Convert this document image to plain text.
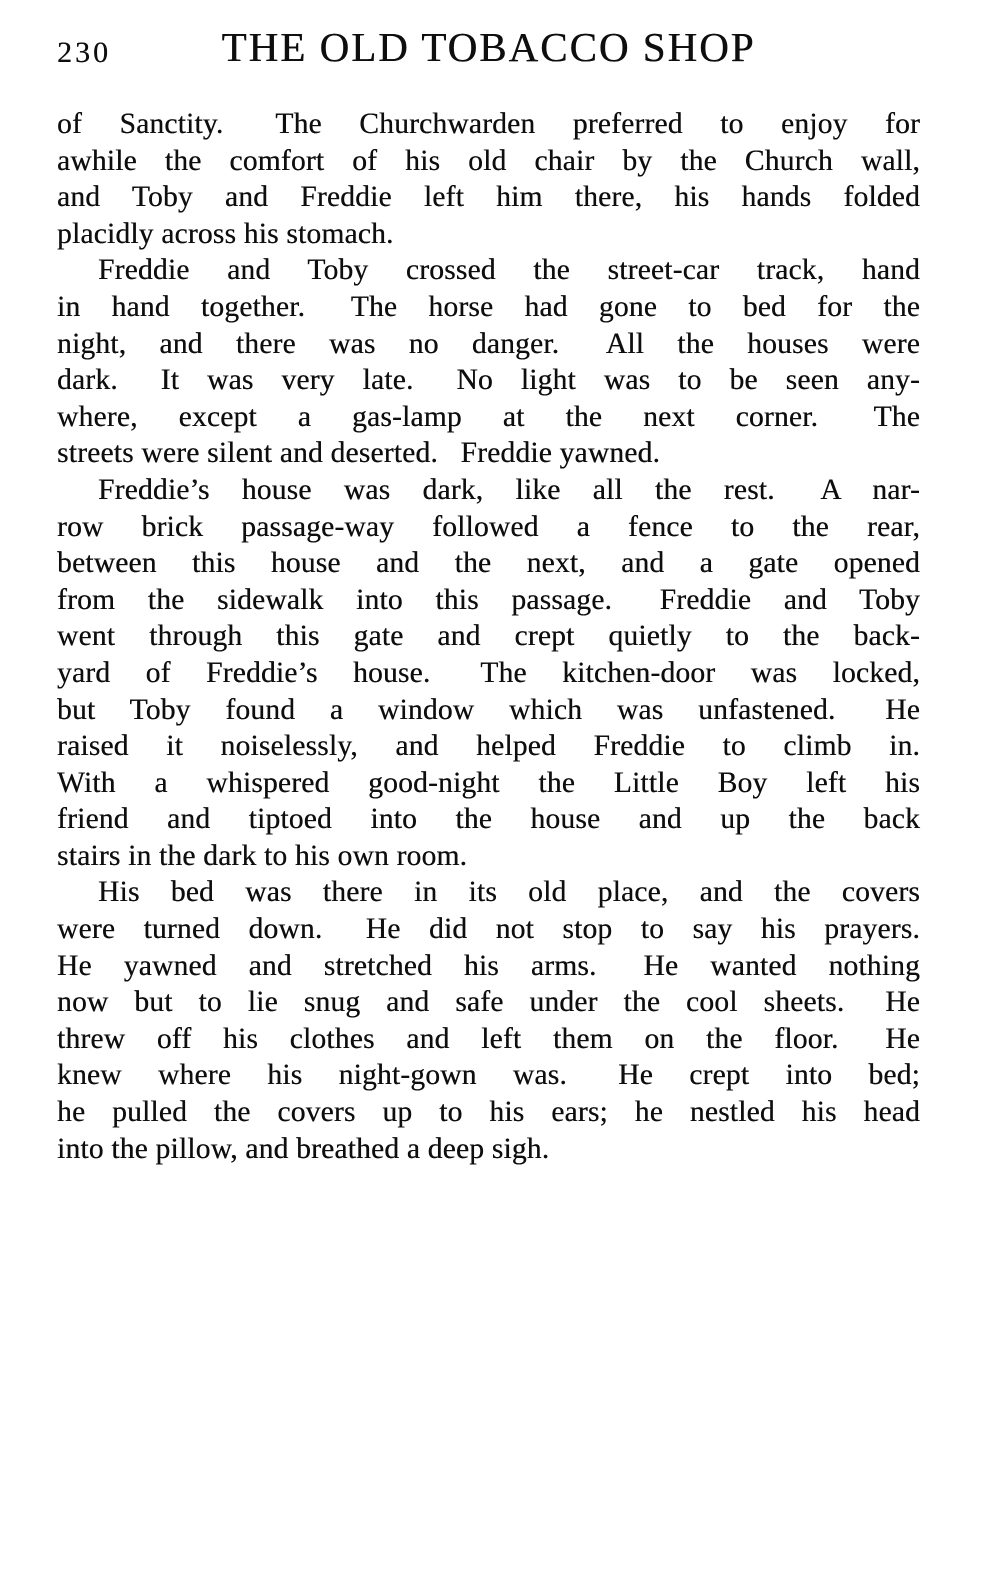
230	THE OLD TOBACCO SHOP

of Sanctity.  The Churchwarden preferred to enjoy for
awhile the comfort of his old chair by the Church wall,
and Toby and Freddie left him there, his hands folded
placidly across his stomach.

Freddie and Toby crossed the street-car track, hand
in hand together.  The horse had gone to bed for the
night, and there was no danger.  All the houses were
dark.  It was very late.  No light was to be seen any-
where, except a gas-lamp at the next corner.  The
streets were silent and deserted.  Freddie yawned.

Freddie’s house was dark, like all the rest.  A nar-
row brick passage-way followed a fence to the rear,
between this house and the next, and a gate opened
from the sidewalk into this passage.  Freddie and Toby
went through this gate and crept quietly to the back-
yard of Freddie’s house.  The kitchen-door was locked,
but Toby found a window which was unfastened.  He
raised it noiselessly, and helped Freddie to climb in.
With a whispered good-night the Little Boy left his
friend and tiptoed into the house and up the back
stairs in the dark to his own room.

His bed was there in its old place, and the covers
were turned down.  He did not stop to say his prayers.
He yawned and stretched his arms.  He wanted nothing
now but to lie snug and safe under the cool sheets.  He
threw off his clothes and left them on the floor.  He
knew where his night-gown was.  He crept into bed;
he pulled the covers up to his ears; he nestled his head
into the pillow, and breathed a deep sigh.
